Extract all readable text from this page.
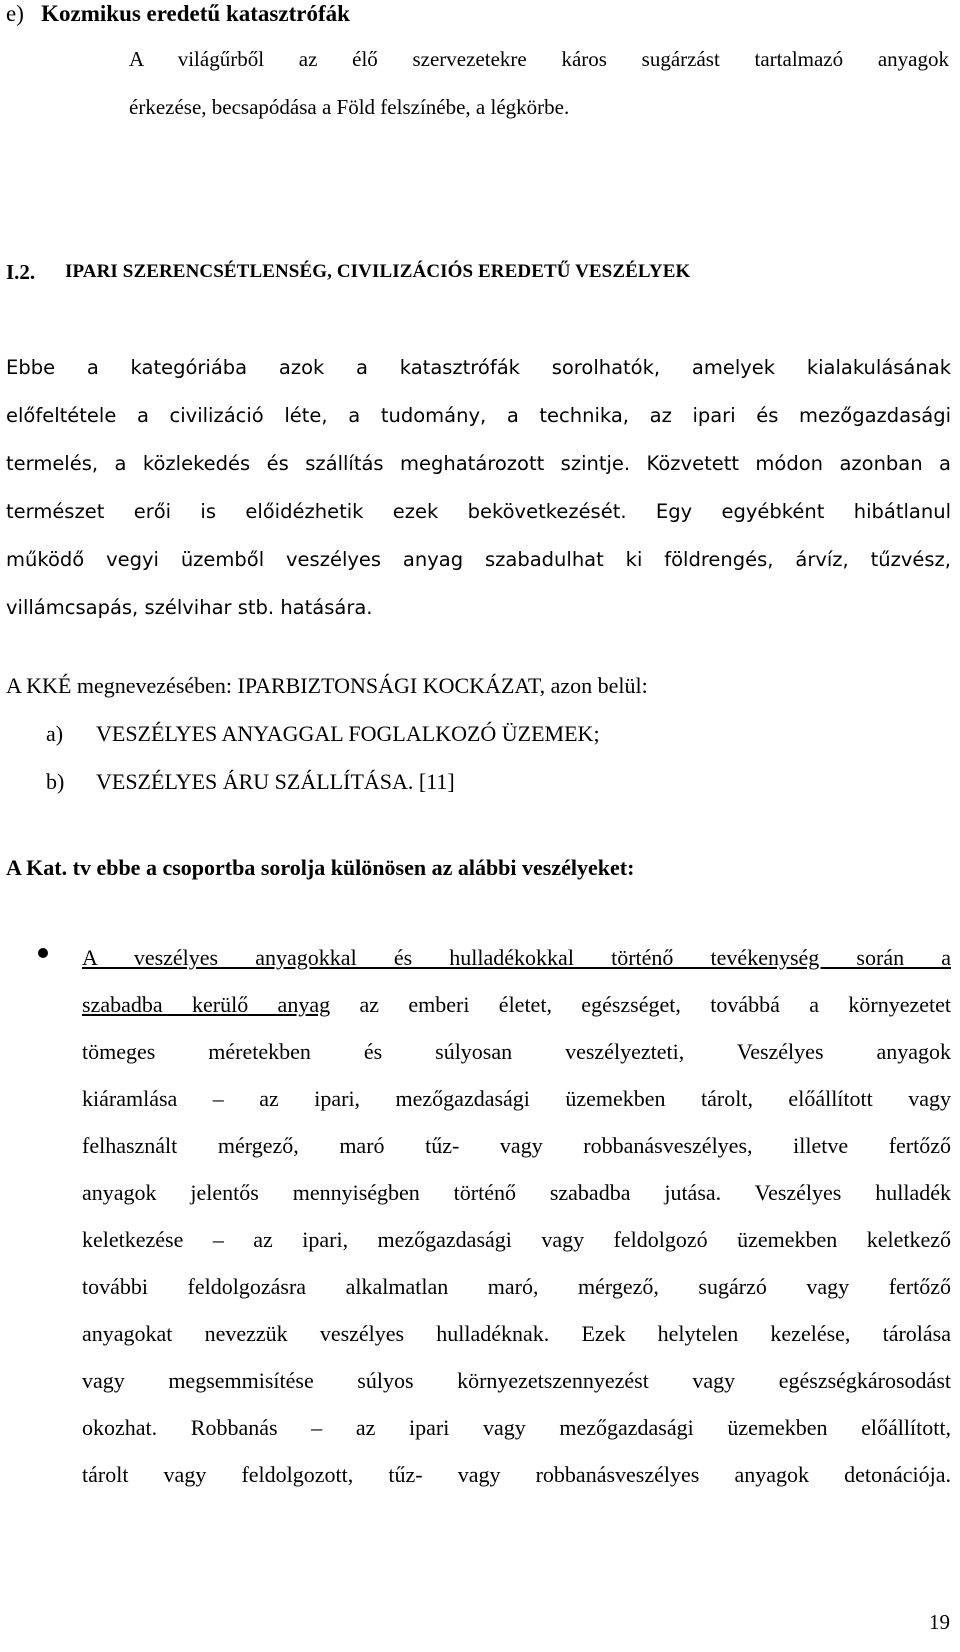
e) Kozmikus eredetű katasztrófák
A világűrből az élő szervezetekre káros sugárzást tartalmazó anyagok
érkezése, becsapódása a Föld felszínébe, a légkörbe.
I.2. IPARI SZERENCSÉTLENSÉG, CIVILIZÁCIÓS EREDETŰ VESZÉLYEK
Ebbe a kategóriába azok a katasztrófák sorolhatók, amelyek kialakulásának
előfeltétele a civilizáció léte, a tudomány, a technika, az ipari és mezőgazdasági
termelés, a közlekedés és szállítás meghatározott szintje. Közvetett módon azonban a
természet erői is előidézhetik ezek bekövetkezését. Egy egyébként hibátlanul
működő vegyi üzemből veszélyes anyag szabadulhat ki földrengés, árvíz, tűzvész,
villámcsapás, szélvihar stb. hatására.
A KKÉ megnevezésében: IPARBIZTONSÁGI KOCKÁZAT, azon belül:
a) VESZÉLYES ANYAGGAL FOGLALKOZÓ ÜZEMEK;
b) VESZÉLYES ÁRU SZÁLLÍTÁSA. [11]
A Kat. tv ebbe a csoportba sorolja különösen az alábbi veszélyeket:
A veszélyes anyagokkal és hulladékokkal történő tevékenység során a
szabadba kerülő anyag az emberi életet, egészséget, továbbá a környezetet
tömeges méretekben és súlyosan veszélyezteti, Veszélyes anyagok
kiáramlása – az ipari, mezőgazdasági üzemekben tárolt, előállított vagy
felhasznált mérgező, maró tűz- vagy robbanásveszélyes, illetve fertőző
anyagok jelentős mennyiségben történő szabadba jutása. Veszélyes hulladék
keletkezése – az ipari, mezőgazdasági vagy feldolgozó üzemekben keletkező
további feldolgozásra alkalmatlan maró, mérgező, sugárzó vagy fertőző
anyagokat nevezzük veszélyes hulladéknak. Ezek helytelen kezelése, tárolása
vagy megsemmisítése súlyos környezetszennyezést vagy egészségkárosodást
okozhat. Robbanás – az ipari vagy mezőgazdasági üzemekben előállított,
tárolt vagy feldolgozott, tűz- vagy robbanásveszélyes anyagok detonációja.
19
